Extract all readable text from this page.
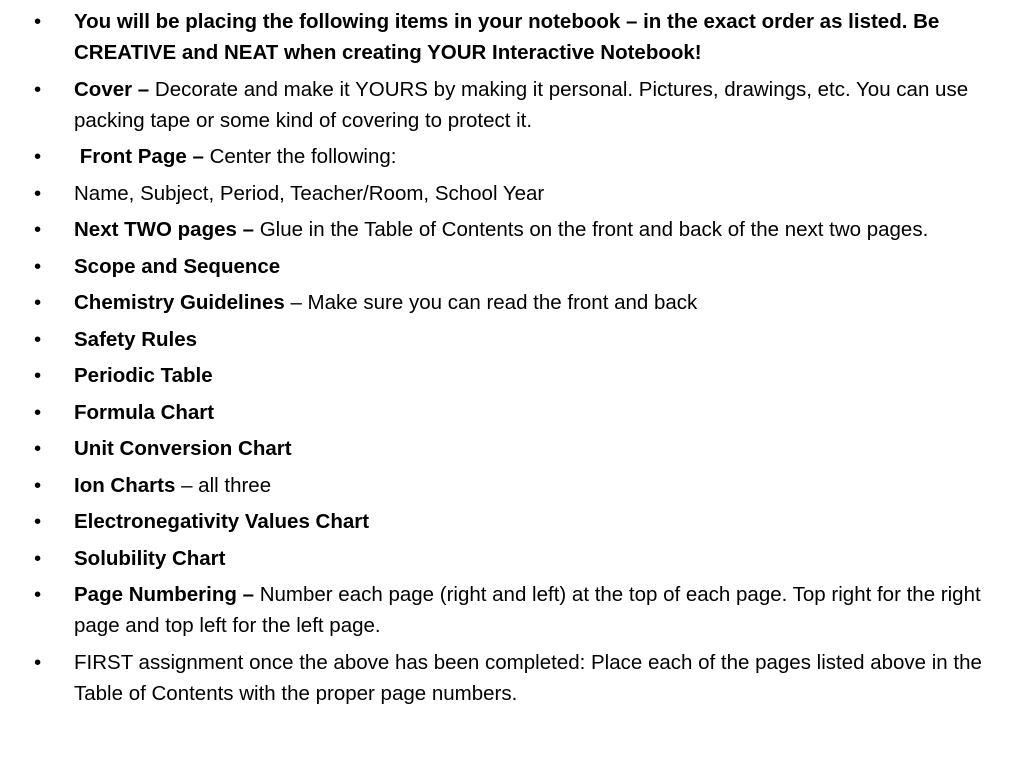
•	You will be placing the following items in your notebook – in the exact order as listed. Be CREATIVE and NEAT when creating YOUR Interactive Notebook!
•	Cover – Decorate and make it YOURS by making it personal. Pictures, drawings, etc. You can use packing tape or some kind of covering to protect it.
•	Front Page – Center the following:
•	Name, Subject, Period, Teacher/Room, School Year
•	Next TWO pages – Glue in the Table of Contents on the front and back of the next two pages.
•	Scope and Sequence
•	Chemistry Guidelines – Make sure you can read the front and back
•	Safety Rules
•	Periodic Table
•	Formula Chart
•	Unit Conversion Chart
•	Ion Charts – all three
•	Electronegativity Values Chart
•	Solubility Chart
•	Page Numbering – Number each page (right and left) at the top of each page. Top right for the right page and top left for the left page.
•	FIRST assignment once the above has been completed: Place each of the pages listed above in the Table of Contents with the proper page numbers.
